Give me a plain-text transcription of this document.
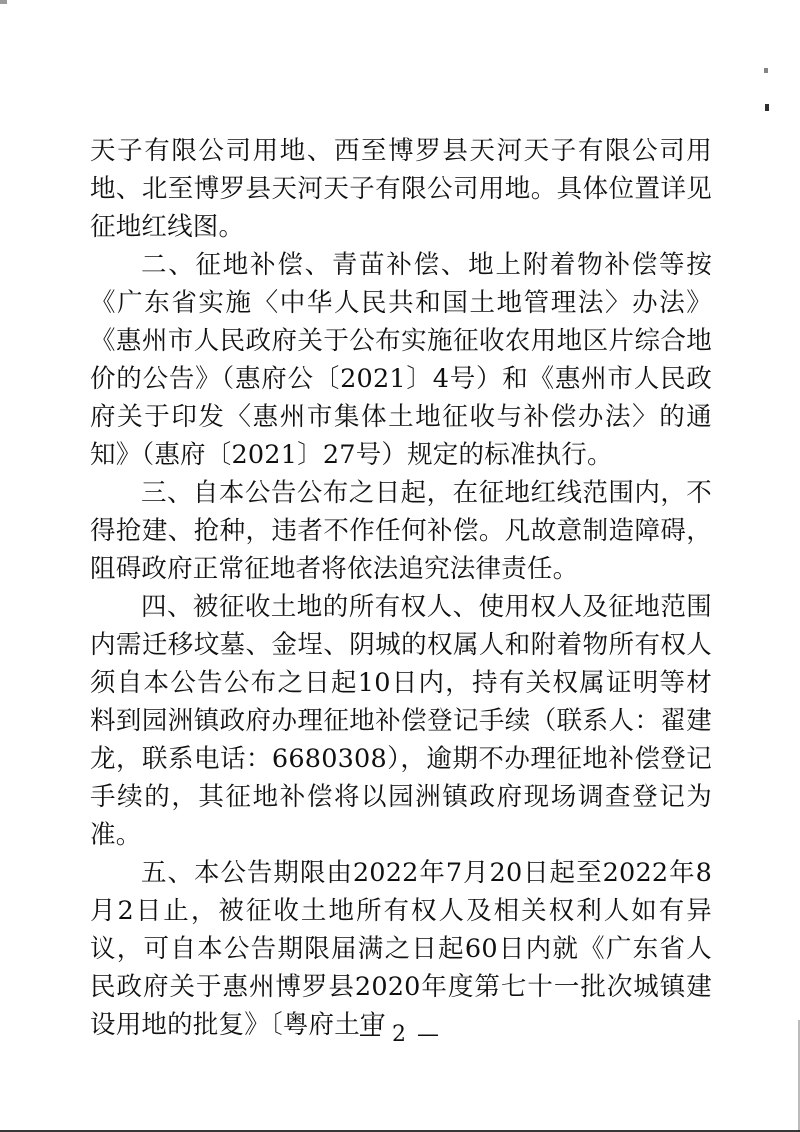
天子有限公司用地、西至博罗县天河天子有限公司用地、北至博罗县天河天子有限公司用地。具体位置详见征地红线图。

二、征地补偿、青苗补偿、地上附着物补偿等按《广东省实施〈中华人民共和国土地管理法〉办法》《惠州市人民政府关于公布实施征收农用地区片综合地价的公告》（惠府公〔2021〕4号）和《惠州市人民政府关于印发〈惠州市集体土地征收与补偿办法〉的通知》（惠府〔2021〕27号）规定的标准执行。

三、自本公告公布之日起，在征地红线范围内，不得抢建、抢种，违者不作任何补偿。凡故意制造障碍，阻碍政府正常征地者将依法追究法律责任。

四、被征收土地的所有权人、使用权人及征地范围内需迁移坟墓、金埕、阴城的权属人和附着物所有权人须自本公告公布之日起10日内，持有关权属证明等材料到园洲镇政府办理征地补偿登记手续（联系人：翟建龙，联系电话：6680308），逾期不办理征地补偿登记手续的，其征地补偿将以园洲镇政府现场调查登记为准。

五、本公告期限由2022年7月20日起至2022年8月2日止，被征收土地所有权人及相关权利人如有异议，可自本公告期限届满之日起60日内就《广东省人民政府关于惠州博罗县2020年度第七十一批次城镇建设用地的批复》〔粤府土审

— 2 —
